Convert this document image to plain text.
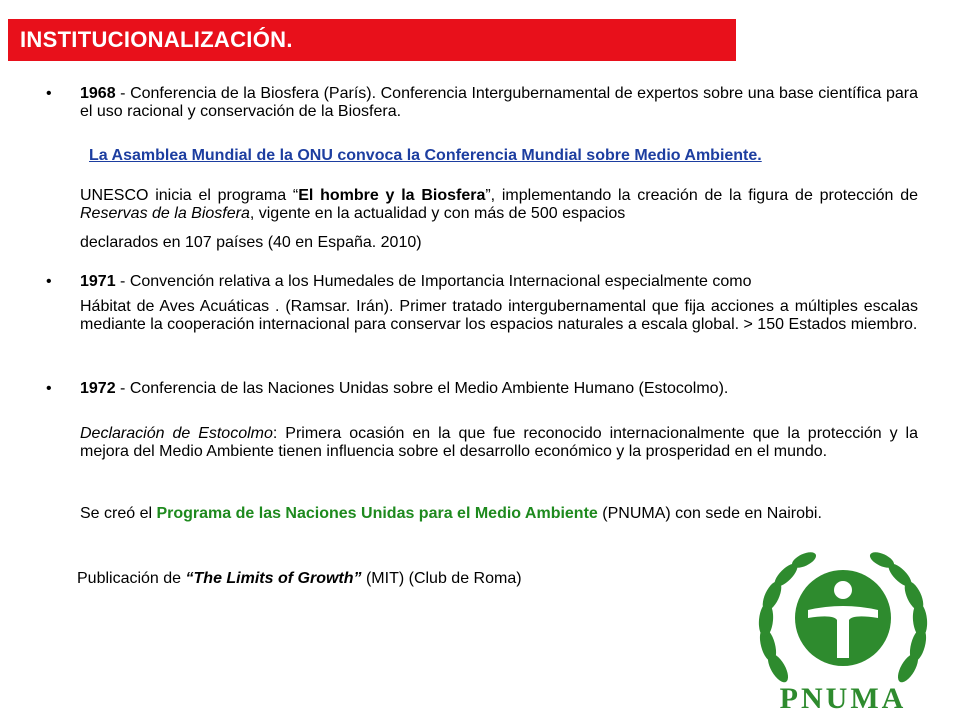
INSTITUCIONALIZACIÓN.
• 1968 - Conferencia de la Biosfera (París). Conferencia Intergubernamental de expertos sobre una base científica para el uso racional y conservación de la Biosfera.
La Asamblea Mundial de la ONU convoca la Conferencia Mundial sobre Medio Ambiente.
UNESCO inicia el programa “El hombre y la Biosfera”, implementando la creación de la figura de protección de Reservas de la Biosfera, vigente en la actualidad y con más de 500 espacios
declarados en 107 países (40 en España. 2010)
• 1971 - Convención relativa a los Humedales de Importancia Internacional especialmente como
Hábitat de Aves Acuáticas . (Ramsar. Irán). Primer tratado intergubernamental que fija acciones a múltiples escalas mediante la cooperación internacional para conservar los espacios naturales a escala global. > 150 Estados miembro.
• 1972 - Conferencia de las Naciones Unidas sobre el Medio Ambiente Humano (Estocolmo).
Declaración de Estocolmo: Primera ocasión en la que fue reconocido internacionalmente que la protección y la mejora del Medio Ambiente tienen influencia sobre el desarrollo económico y la prosperidad en el mundo.
Se creó el Programa de las Naciones Unidas para el Medio Ambiente (PNUMA) con sede en Nairobi.
Publicación de “The Limits of Growth” (MIT) (Club de Roma)
PNUMA
